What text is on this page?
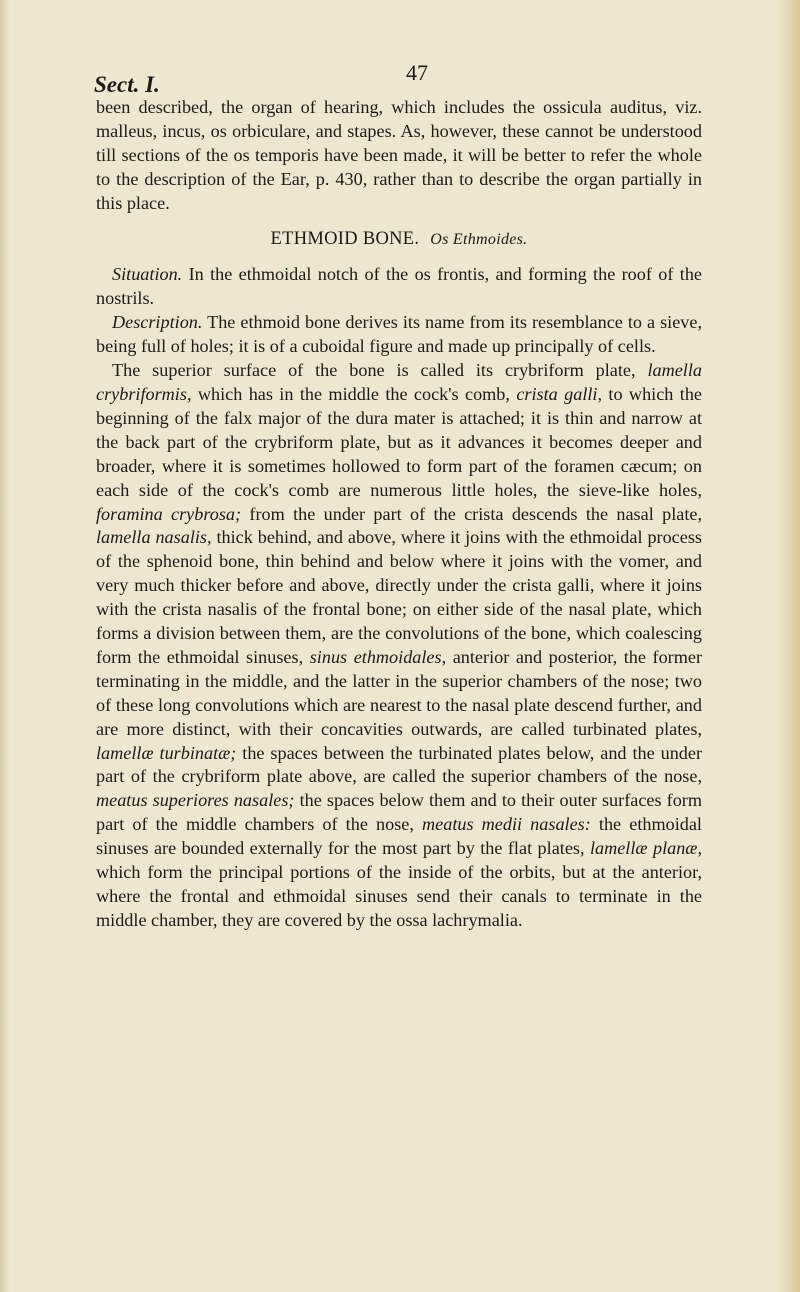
Sect. I.	47

been described, the organ of hearing, which includes the ossicula auditus, viz. malleus, incus, os orbiculare, and stapes. As, however, these cannot be understood till sections of the os temporis have been made, it will be better to refer the whole to the description of the Ear, p. 430, rather than to describe the organ partially in this place.

ETHMOID BONE. Os Ethmoides.

Situation. In the ethmoidal notch of the os frontis, and forming the roof of the nostrils.

Description. The ethmoid bone derives its name from its resemblance to a sieve, being full of holes; it is of a cuboidal figure and made up principally of cells.

The superior surface of the bone is called its crybriform plate, lamella crybriformis, which has in the middle the cock's comb, crista galli, to which the beginning of the falx major of the dura mater is attached; it is thin and narrow at the back part of the crybriform plate, but as it advances it becomes deeper and broader, where it is sometimes hollowed to form part of the foramen cæcum; on each side of the cock's comb are numerous little holes, the sieve-like holes, foramina crybrosa; from the under part of the crista descends the nasal plate, lamella nasalis, thick behind, and above, where it joins with the ethmoidal process of the sphenoid bone, thin behind and below where it joins with the vomer, and very much thicker before and above, directly under the crista galli, where it joins with the crista nasalis of the frontal bone; on either side of the nasal plate, which forms a division between them, are the convolutions of the bone, which coalescing form the ethmoidal sinuses, sinus ethmoidales, anterior and posterior, the former terminating in the middle, and the latter in the superior chambers of the nose; two of these long convolutions which are nearest to the nasal plate descend further, and are more distinct, with their concavities outwards, are called turbinated plates, lamellæ turbinatæ; the spaces between the turbinated plates below, and the under part of the crybriform plate above, are called the superior chambers of the nose, meatus superiores nasales; the spaces below them and to their outer surfaces form part of the middle chambers of the nose, meatus medii nasales: the ethmoidal sinuses are bounded externally for the most part by the flat plates, lamellæ planæ, which form the principal portions of the inside of the orbits, but at the anterior, where the frontal and ethmoidal sinuses send their canals to terminate in the middle chamber, they are covered by the ossa lachrymalia.
